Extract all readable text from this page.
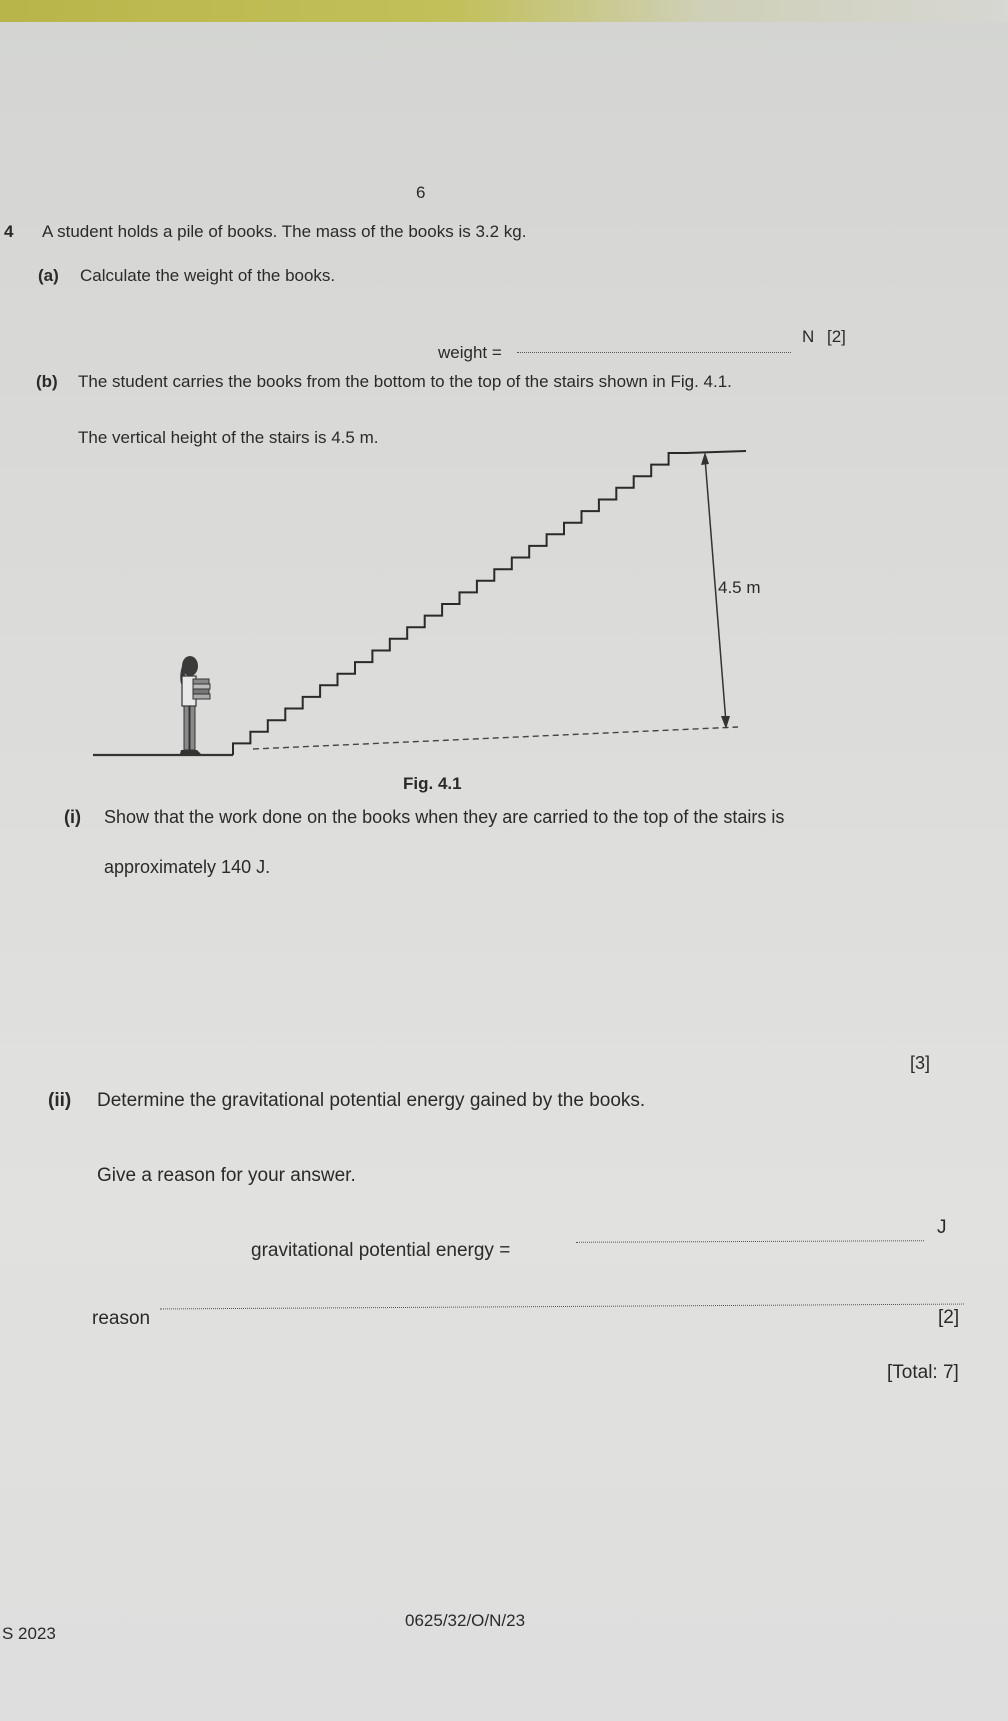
6
4 A student holds a pile of books. The mass of the books is 3.2 kg.
(a) Calculate the weight of the books.
weight =
N [2]
(b) The student carries the books from the bottom to the top of the stairs shown in Fig. 4.1.
The vertical height of the stairs is 4.5 m.
4.5 m
Fig. 4.1
(i) Show that the work done on the books when they are carried to the top of the stairs is
approximately 140 J.
[3]
(ii) Determine the gravitational potential energy gained by the books.
Give a reason for your answer.
gravitational potential energy =
J
reason	[2]
[Total: 7]
S 2023
0625/32/O/N/23
